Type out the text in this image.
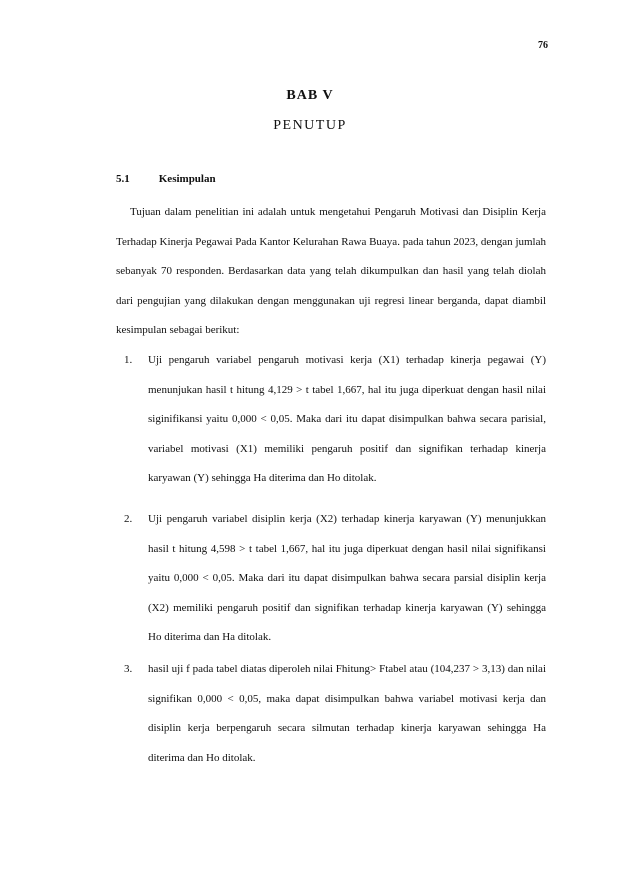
76
BAB V
PENUTUP
5.1	Kesimpulan

Tujuan dalam penelitian ini adalah untuk mengetahui Pengaruh Motivasi dan Disiplin Kerja Terhadap Kinerja Pegawai Pada Kantor Kelurahan Rawa Buaya. pada tahun 2023, dengan jumlah sebanyak 70 responden. Berdasarkan data yang telah dikumpulkan dan hasil yang telah diolah dari pengujian yang dilakukan dengan menggunakan uji regresi linear berganda, dapat diambil kesimpulan sebagai berikut:

1. Uji pengaruh variabel pengaruh motivasi kerja (X1) terhadap kinerja pegawai (Y) menunjukan hasil t hitung 4,129 > t tabel 1,667, hal itu juga diperkuat dengan hasil nilai siginifikansi yaitu 0,000 < 0,05. Maka dari itu dapat disimpulkan bahwa secara parisial, variabel motivasi (X1) memiliki pengaruh positif dan signifikan terhadap kinerja karyawan (Y) sehingga Ha diterima dan Ho ditolak.
2. Uji pengaruh variabel disiplin kerja (X2) terhadap kinerja karyawan (Y) menunjukkan hasil t hitung 4,598 > t tabel 1,667, hal itu juga diperkuat dengan hasil nilai signifikansi yaitu 0,000 < 0,05. Maka dari itu dapat disimpulkan bahwa secara parsial disiplin kerja (X2) memiliki pengaruh positif dan signifikan terhadap kinerja karyawan (Y) sehingga Ho diterima dan Ha ditolak.
3. hasil uji f pada tabel diatas diperoleh nilai Fhitung> Ftabel atau (104,237 > 3,13) dan nilai signifikan 0,000 < 0,05, maka dapat disimpulkan bahwa variabel motivasi kerja dan disiplin kerja berpengaruh secara silmutan terhadap kinerja karyawan sehingga Ha diterima dan Ho ditolak.
